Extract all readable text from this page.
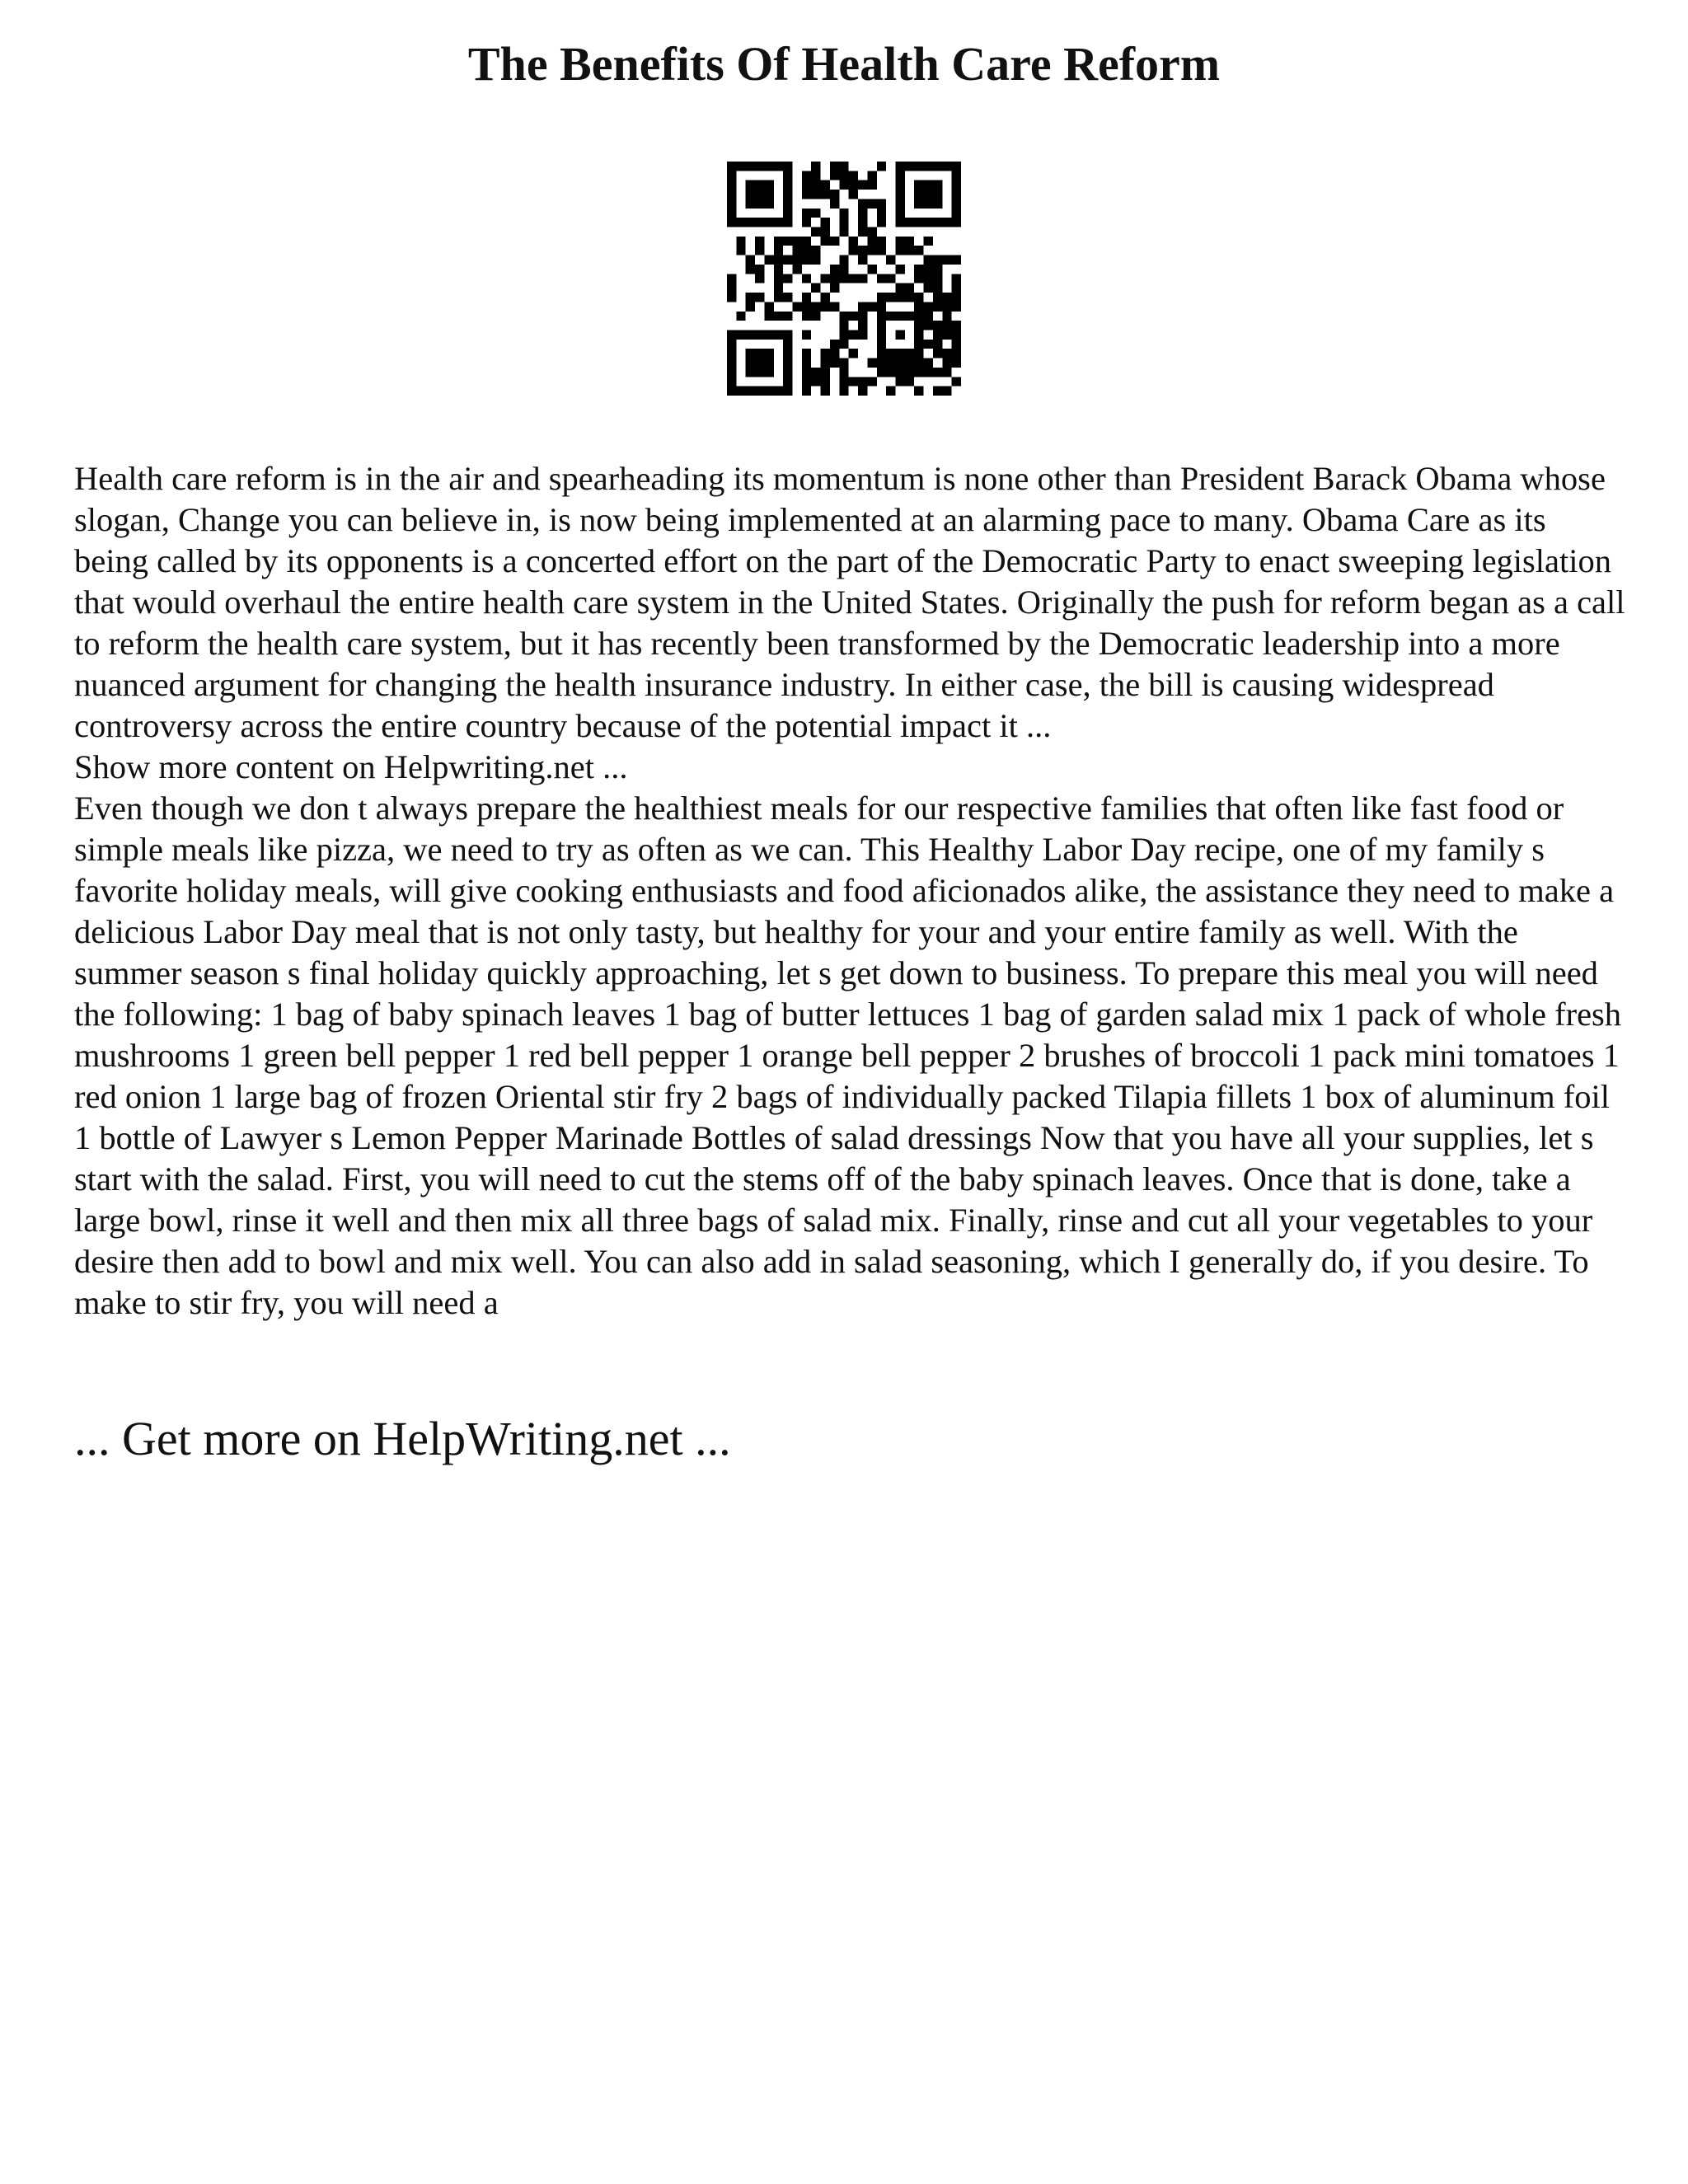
The Benefits Of Health Care Reform

Health care reform is in the air and spearheading its momentum is none other than President Barack Obama whose slogan, Change you can believe in, is now being implemented at an alarming pace to many. Obama Care as its being called by its opponents is a concerted effort on the part of the Democratic Party to enact sweeping legislation that would overhaul the entire health care system in the United States. Originally the push for reform began as a call to reform the health care system, but it has recently been transformed by the Democratic leadership into a more nuanced argument for changing the health insurance industry. In either case, the bill is causing widespread controversy across the entire country because of the potential impact it ...

Show more content on Helpwriting.net ...

Even though we don t always prepare the healthiest meals for our respective families that often like fast food or simple meals like pizza, we need to try as often as we can. This Healthy Labor Day recipe, one of my family s favorite holiday meals, will give cooking enthusiasts and food aficionados alike, the assistance they need to make a delicious Labor Day meal that is not only tasty, but healthy for your and your entire family as well. With the summer season s final holiday quickly approaching, let s get down to business. To prepare this meal you will need the following: 1 bag of baby spinach leaves 1 bag of butter lettuces 1 bag of garden salad mix 1 pack of whole fresh mushrooms 1 green bell pepper 1 red bell pepper 1 orange bell pepper 2 brushes of broccoli 1 pack mini tomatoes 1 red onion 1 large bag of frozen Oriental stir fry 2 bags of individually packed Tilapia fillets 1 box of aluminum foil 1 bottle of Lawyer s Lemon Pepper Marinade Bottles of salad dressings Now that you have all your supplies, let s start with the salad. First, you will need to cut the stems off of the baby spinach leaves. Once that is done, take a large bowl, rinse it well and then mix all three bags of salad mix. Finally, rinse and cut all your vegetables to your desire then add to bowl and mix well. You can also add in salad seasoning, which I generally do, if you desire. To make to stir fry, you will need a

... Get more on HelpWriting.net ...
